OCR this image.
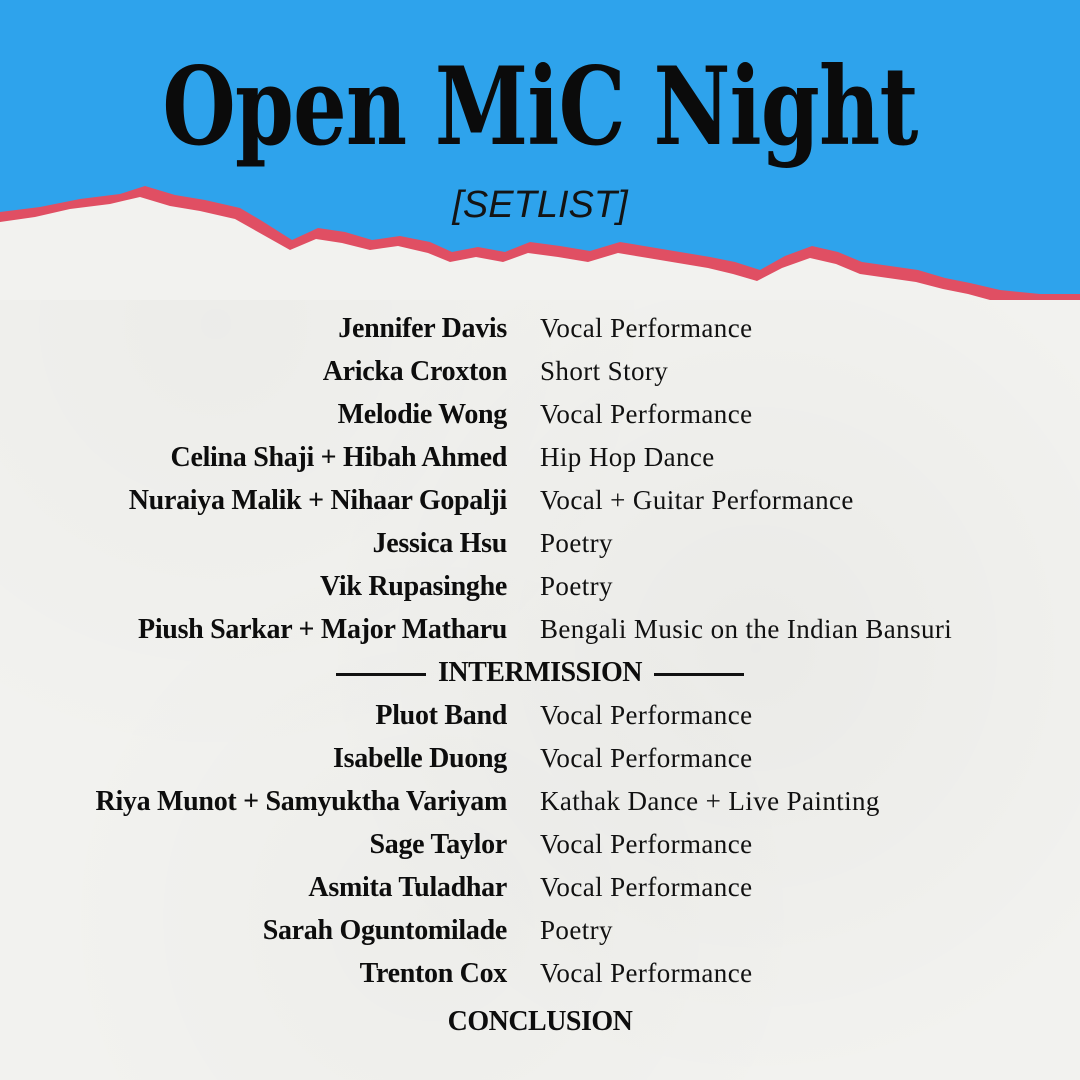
Open MiC Night
[SETLIST]
Jennifer Davis Vocal Performance
Aricka Croxton Short Story
Melodie Wong Vocal Performance
Celina Shaji + Hibah Ahmed Hip Hop Dance
Nuraiya Malik + Nihaar Gopalji Vocal + Guitar Performance
Jessica Hsu Poetry
Vik Rupasinghe Poetry
Piush Sarkar + Major Matharu Bengali Music on the Indian Bansuri
INTERMISSION
Pluot Band Vocal Performance
Isabelle Duong Vocal Performance
Riya Munot + Samyuktha Variyam Kathak Dance + Live Painting
Sage Taylor Vocal Performance
Asmita Tuladhar Vocal Performance
Sarah Oguntomilade Poetry
Trenton Cox Vocal Performance
CONCLUSION
